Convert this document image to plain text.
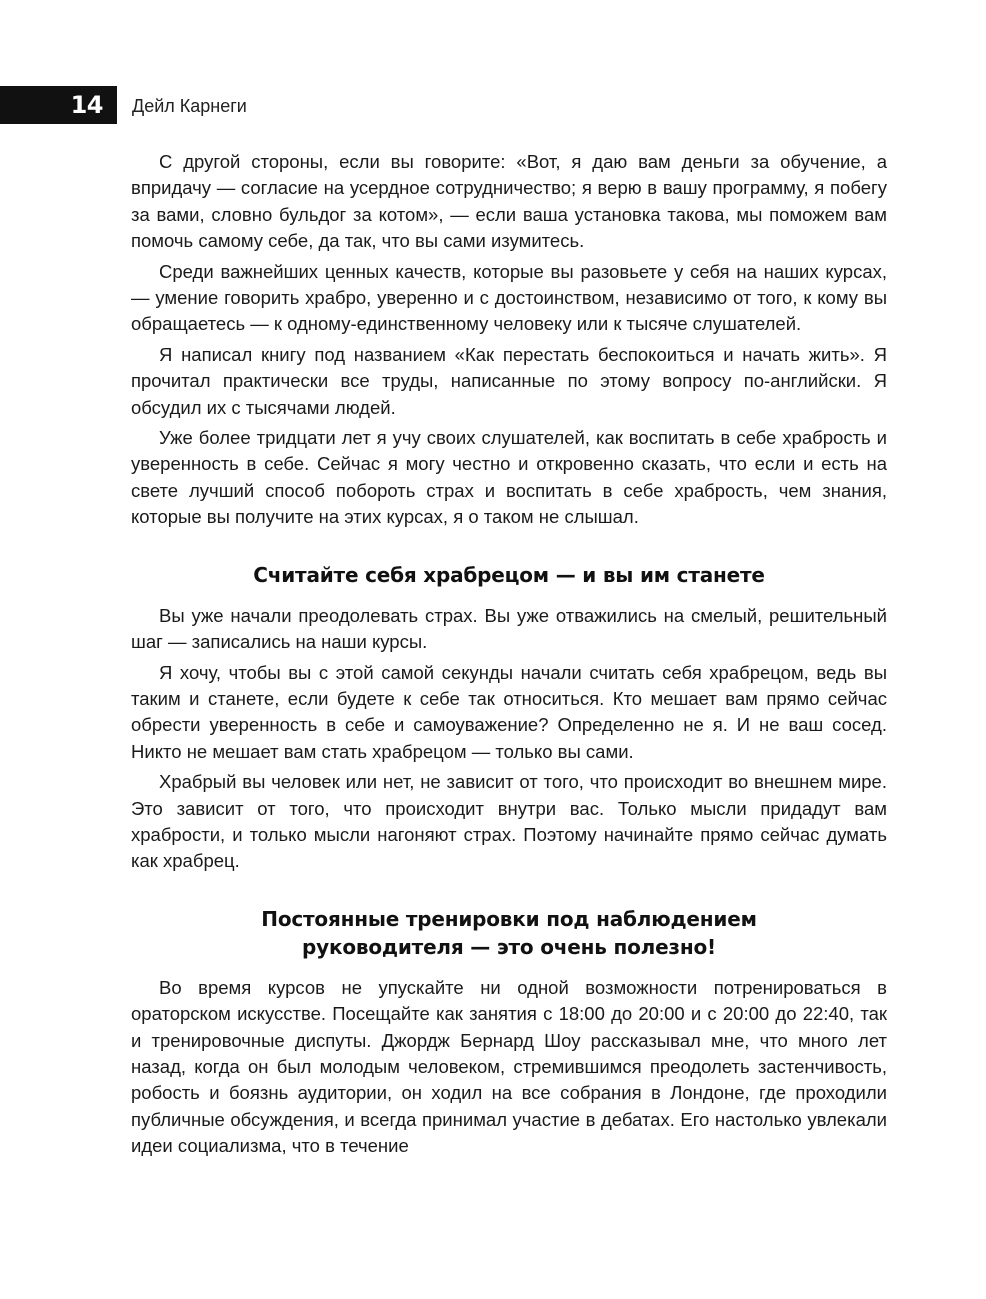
14	Дейл Карнеги

С другой стороны, если вы говорите: «Вот, я даю вам деньги за обучение, а впридачу — согласие на усердное сотрудничество; я верю в вашу программу, я побегу за вами, словно бульдог за котом», — если ваша установка такова, мы поможем вам помочь самому себе, да так, что вы сами изумитесь.

Среди важнейших ценных качеств, которые вы разовьете у себя на наших курсах, — умение говорить храбро, уверенно и с достоинством, независимо от того, к кому вы обращаетесь — к одному-единственному человеку или к тысяче слушателей.

Я написал книгу под названием «Как перестать беспокоиться и начать жить». Я прочитал практически все труды, написанные по этому вопросу по-английски. Я обсудил их с тысячами людей.

Уже более тридцати лет я учу своих слушателей, как воспитать в себе храбрость и уверенность в себе. Сейчас я могу честно и откровенно сказать, что если и есть на свете лучший способ побороть страх и воспитать в себе храбрость, чем знания, которые вы получите на этих курсах, я о таком не слышал.

Считайте себя храбрецом — и вы им станете

Вы уже начали преодолевать страх. Вы уже отважились на смелый, решительный шаг — записались на наши курсы.

Я хочу, чтобы вы с этой самой секунды начали считать себя храбрецом, ведь вы таким и станете, если будете к себе так относиться. Кто мешает вам прямо сейчас обрести уверенность в себе и самоуважение? Определенно не я. И не ваш сосед. Никто не мешает вам стать храбрецом — только вы сами.

Храбрый вы человек или нет, не зависит от того, что происходит во внешнем мире. Это зависит от того, что происходит внутри вас. Только мысли придадут вам храбрости, и только мысли нагоняют страх. Поэтому начинайте прямо сейчас думать как храбрец.

Постоянные тренировки под наблюдением
руководителя — это очень полезно!

Во время курсов не упускайте ни одной возможности потренироваться в ораторском искусстве. Посещайте как занятия с 18:00 до 20:00 и с 20:00 до 22:40, так и тренировочные диспуты. Джордж Бернард Шоу рассказывал мне, что много лет назад, когда он был молодым человеком, стремившимся преодолеть застенчивость, робость и боязнь аудитории, он ходил на все собрания в Лондоне, где проходили публичные обсуждения, и всегда принимал участие в дебатах. Его настолько увлекали идеи социализма, что в течение
